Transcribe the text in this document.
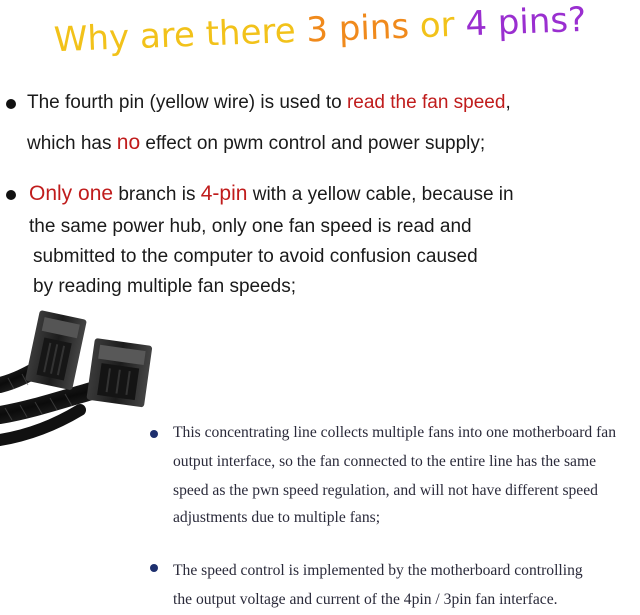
Why are there 3 pins or 4 pins?
The fourth pin (yellow wire) is used to read the fan speed,
which has no effect on pwm control and power supply;
Only one branch is 4-pin with a yellow cable, because in
the same power hub, only one fan speed is read and
submitted to the computer to avoid confusion caused
by reading multiple fan speeds;
This concentrating line collects multiple fans into one motherboard fan
output interface, so the fan connected to the entire line has the same
speed as the pwn speed regulation, and will not have different speed
adjustments due to multiple fans;
The speed control is implemented by the motherboard controlling
the output voltage and current of the 4pin / 3pin fan interface.
